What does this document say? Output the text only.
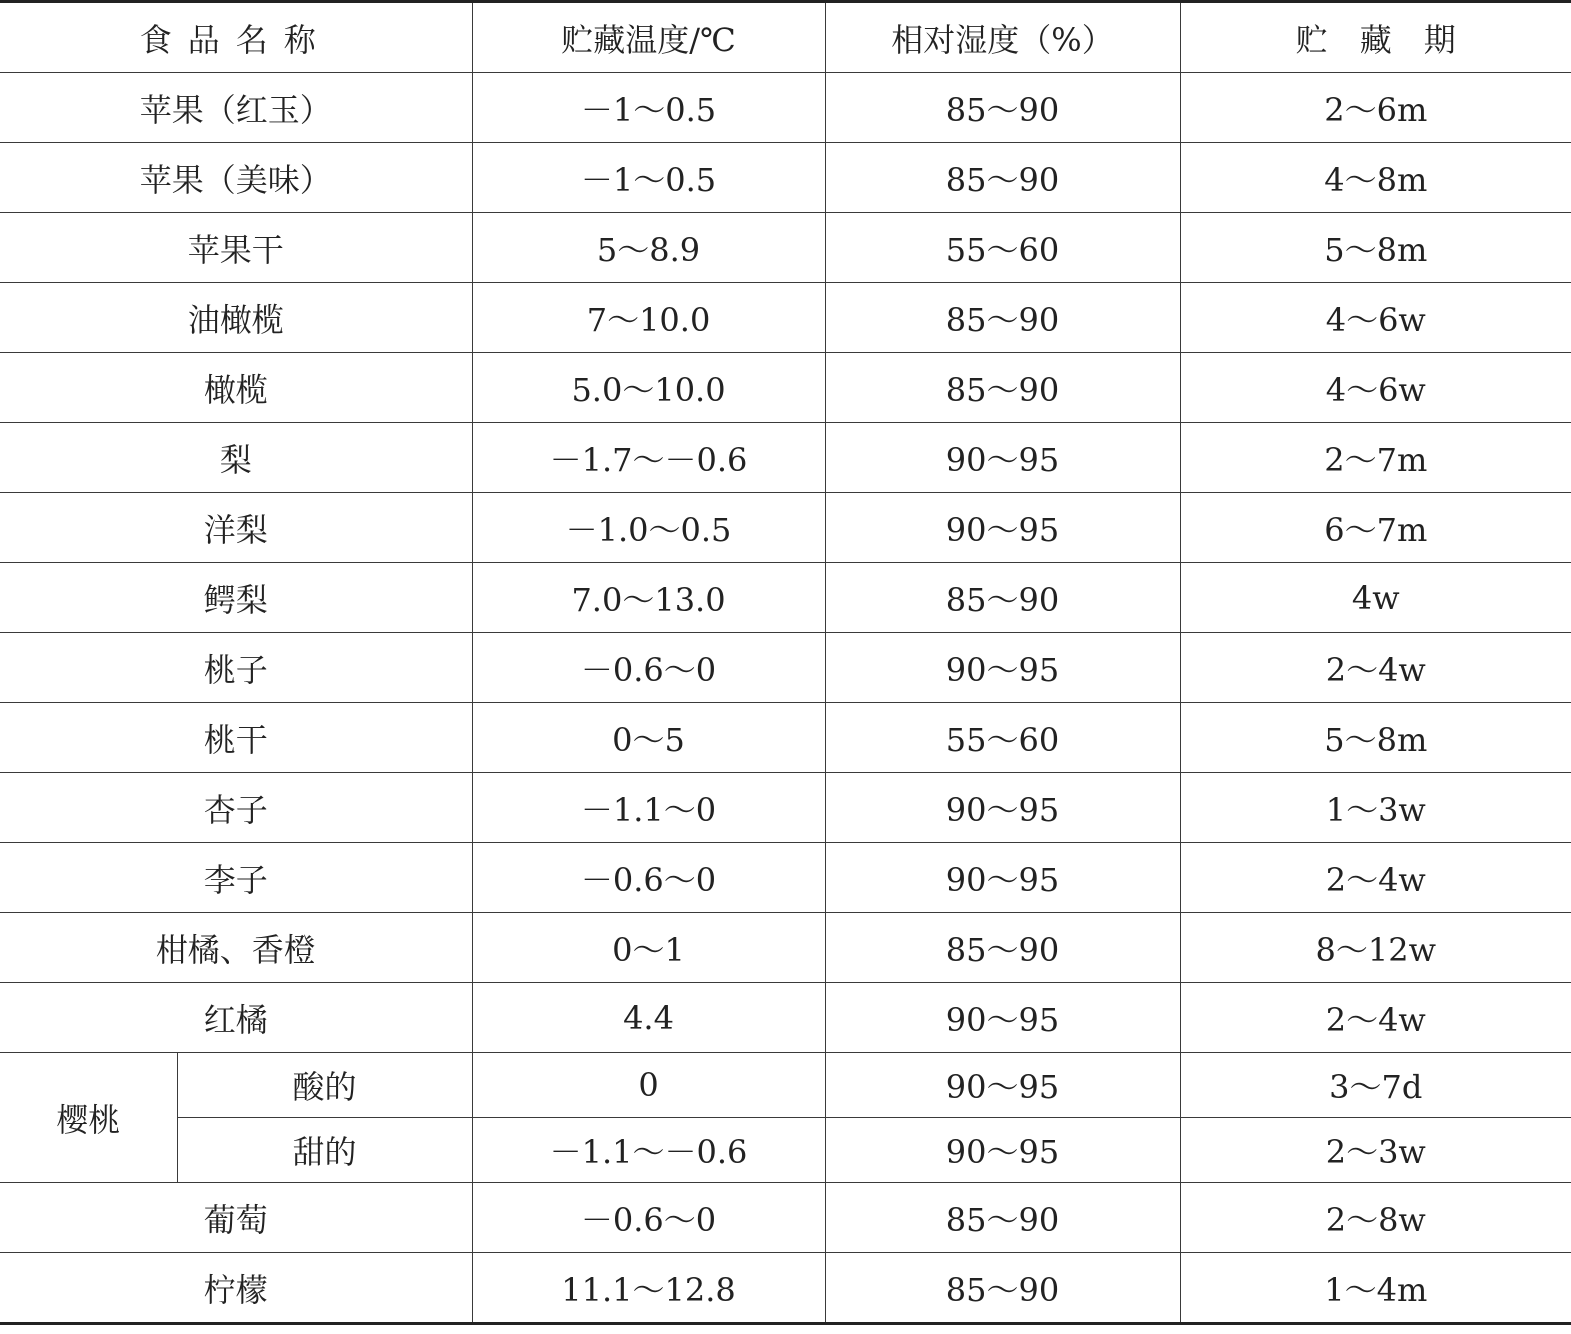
食品名称		贮藏温度/℃	相对湿度（%）	贮藏期
苹果（红玉）		－1～0.5	85～90	2～6m
苹果（美味）		－1～0.5	85～90	4～8m
苹果干		5～8.9	55～60	5～8m
油橄榄		7～10.0	85～90	4～6w
橄榄		5.0～10.0	85～90	4～6w
梨		－1.7～－0.6	90～95	2～7m
洋梨		－1.0～0.5	90～95	6～7m
鳄梨		7.0～13.0	85～90	4w
桃子		－0.6～0	90～95	2～4w
桃干		0～5	55～60	5～8m
杏子		－1.1～0	90～95	1～3w
李子		－0.6～0	90～95	2～4w
柑橘、香橙		0～1	85～90	8～12w
红橘		4.4	90～95	2～4w
樱桃	酸的	0	90～95	3～7d
	甜的	－1.1～－0.6	90～95	2～3w
葡萄		－0.6～0	85～90	2～8w
柠檬		11.1～12.8	85～90	1～4m
